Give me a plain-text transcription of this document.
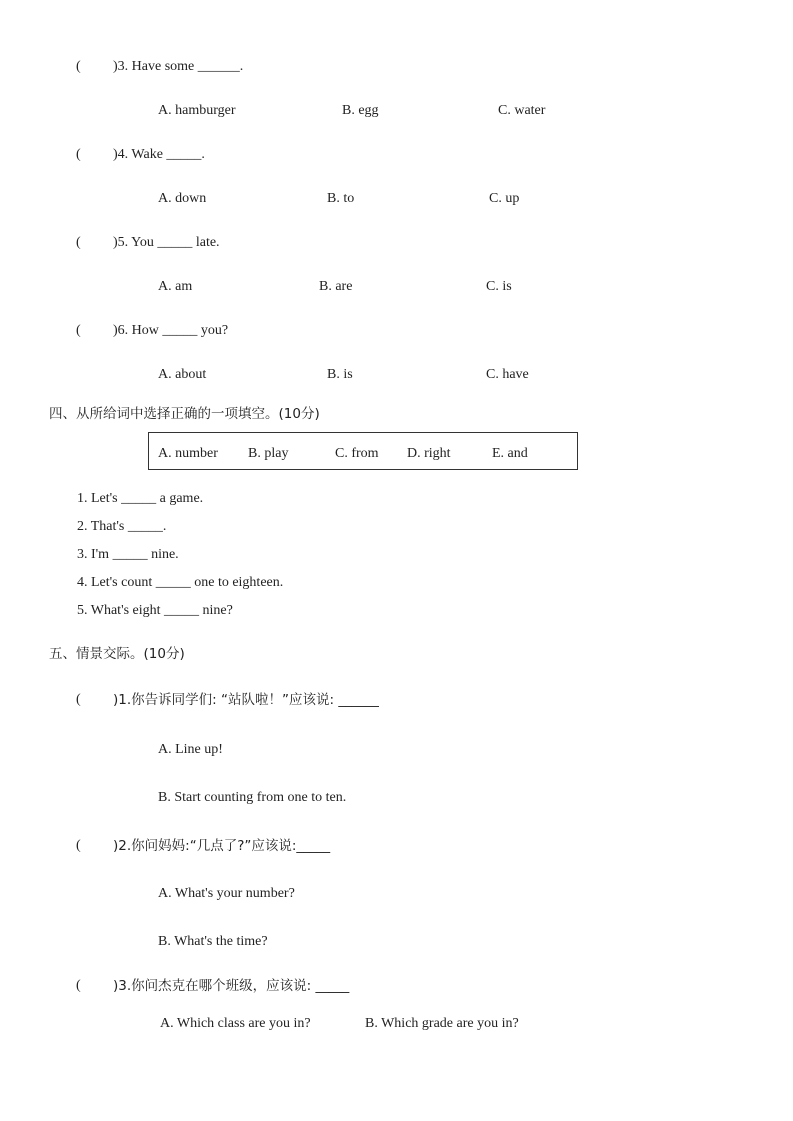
( )3. Have some ______.
A. hamburger	B. egg	C. water
( )4. Wake _____.
A. down	B. to	C. up
( )5. You _____ late.
A. am	B. are	C. is
( )6. How _____ you?
A. about	B. is	C. have
四、从所给词中选择正确的一项填空。(10分)
A. number B. play	C. from D. right	E. and
1. Let's _____ a game.
2. That's _____.
3. I'm _____ nine.
4. Let's count _____ one to eighteen.
5. What's eight _____ nine?
五、情景交际。(10分)
( )1.你告诉同学们: “站队啦！”应该说: ______
A. Line up!
B. Start counting from one to ten.
( )2.你问妈妈:“几点了?”应该说:_____
A. What's your number?
B. What's the time?
( )3.你问杰克在哪个班级，应该说: _____
A. Which class are you in?	B. Which grade are you in?
